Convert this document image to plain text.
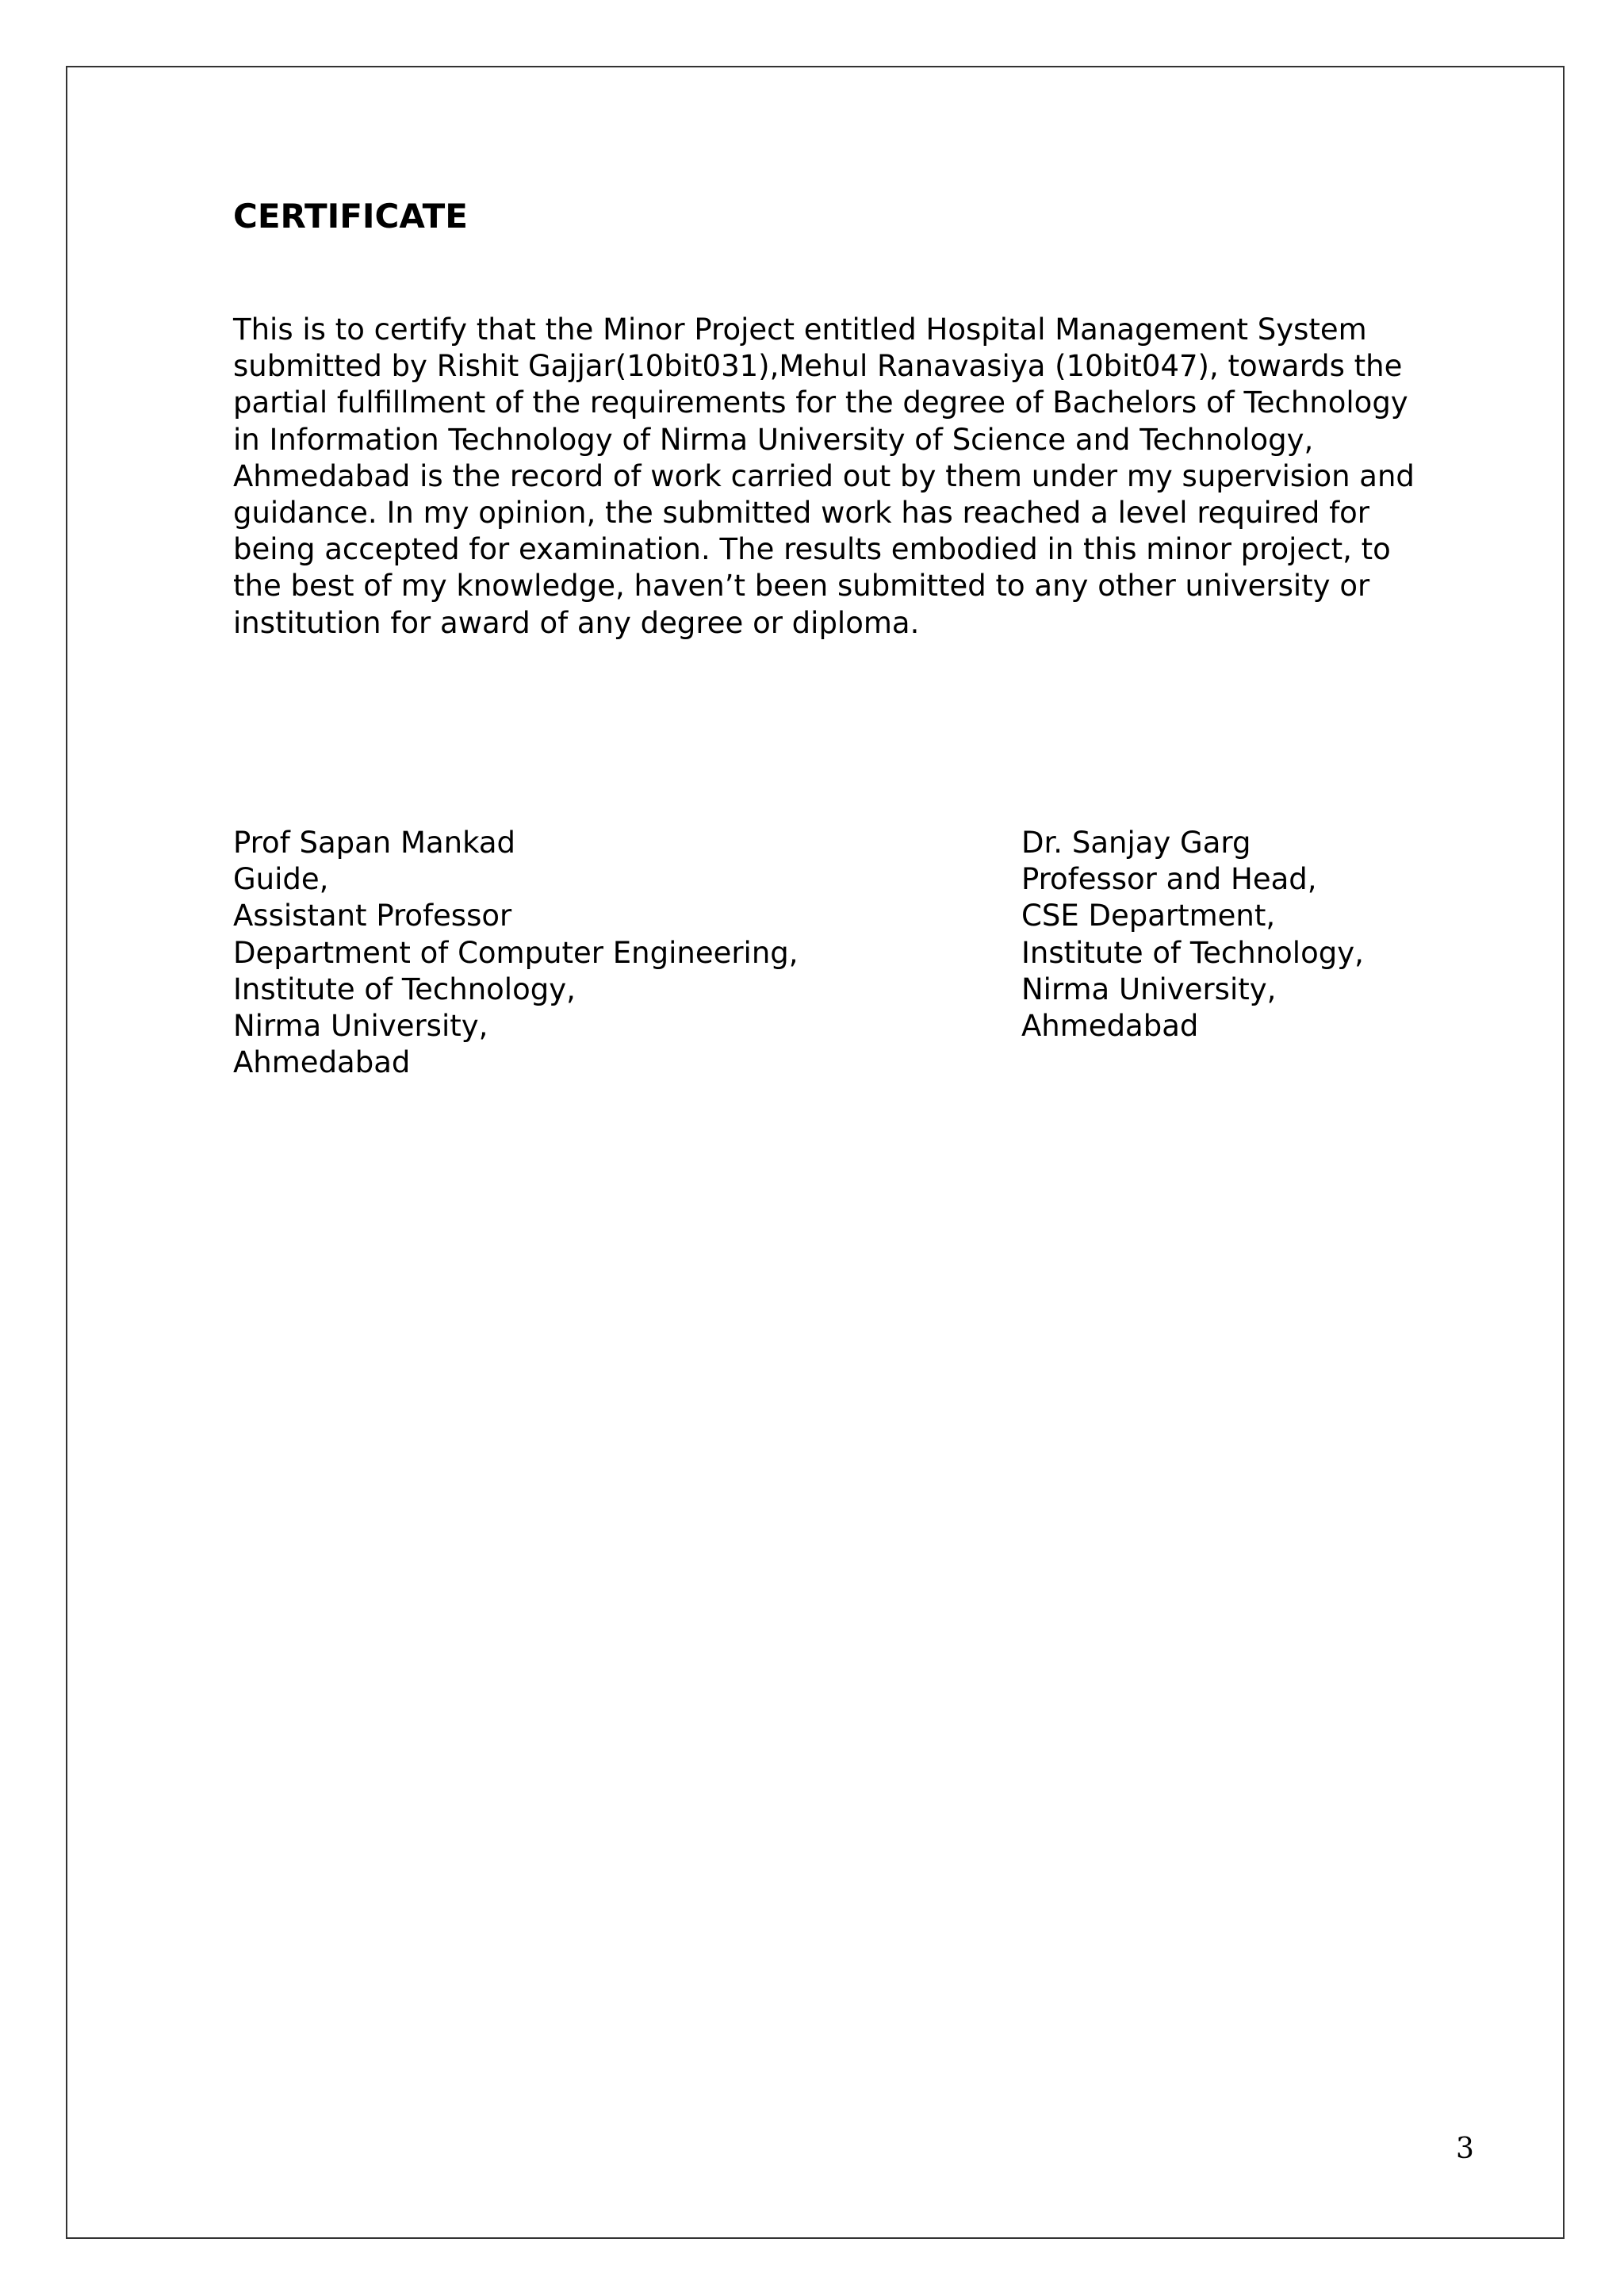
CERTIFICATE

This is to certify that the Minor Project entitled Hospital Management System
submitted by Rishit Gajjar(10bit031),Mehul Ranavasiya (10bit047), towards the
partial fulfillment of the requirements for the degree of Bachelors of Technology
in Information Technology of Nirma University of Science and Technology,
Ahmedabad is the record of work carried out by them under my supervision and
guidance. In my opinion, the submitted work has reached a level required for
being accepted for examination. The results embodied in this minor project, to
the best of my knowledge, haven’t been submitted to any other university or
institution for award of any degree or diploma.

Prof Sapan Mankad
Guide,
Assistant Professor
Department of Computer Engineering,
Institute of Technology,
Nirma University,
Ahmedabad
Dr. Sanjay Garg
Professor and Head,
CSE Department,
Institute of Technology,
Nirma University,
Ahmedabad
3
